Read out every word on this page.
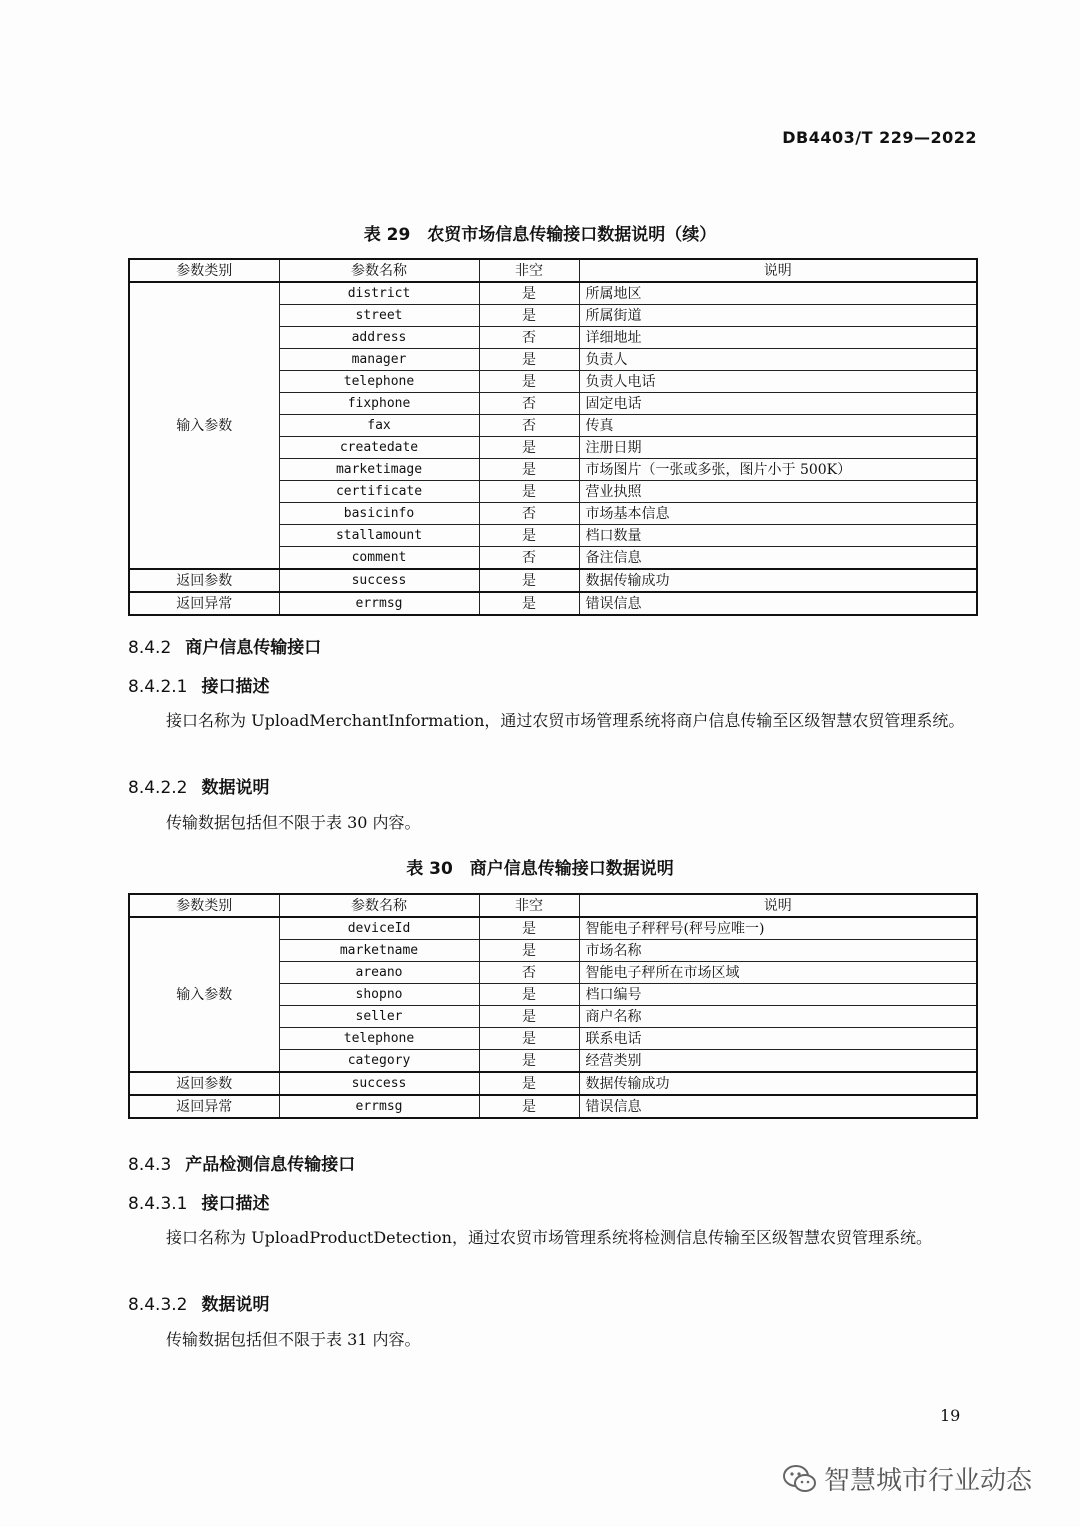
DB4403/T 229—2022
表 29　农贸市场信息传输接口数据说明（续）
参数类别	参数名称	非空	说明
输入参数	district	是	所属地区
	street	是	所属街道
	address	否	详细地址
	manager	是	负责人
	telephone	是	负责人电话
	fixphone	否	固定电话
	fax	否	传真
	createdate	是	注册日期
	marketimage	是	市场图片（一张或多张，图片小于 500K）
	certificate	是	营业执照
	basicinfo	否	市场基本信息
	stallamount	是	档口数量
	comment	否	备注信息
返回参数	success	是	数据传输成功
返回异常	errmsg	是	错误信息
8.4.2 商户信息传输接口
8.4.2.1 接口描述
接口名称为 UploadMerchantInformation，通过农贸市场管理系统将商户信息传输至区级智慧农贸管理系统。
8.4.2.2 数据说明
传输数据包括但不限于表 30 内容。
表 30　商户信息传输接口数据说明
参数类别	参数名称	非空	说明
输入参数	deviceId	是	智能电子秤秤号(秤号应唯一)
	marketname	是	市场名称
	areano	否	智能电子秤所在市场区域
	shopno	是	档口编号
	seller	是	商户名称
	telephone	是	联系电话
	category	是	经营类别
返回参数	success	是	数据传输成功
返回异常	errmsg	是	错误信息
8.4.3 产品检测信息传输接口
8.4.3.1 接口描述
接口名称为 UploadProductDetection，通过农贸市场管理系统将检测信息传输至区级智慧农贸管理系统。
8.4.3.2 数据说明
传输数据包括但不限于表 31 内容。
19
智慧城市行业动态
